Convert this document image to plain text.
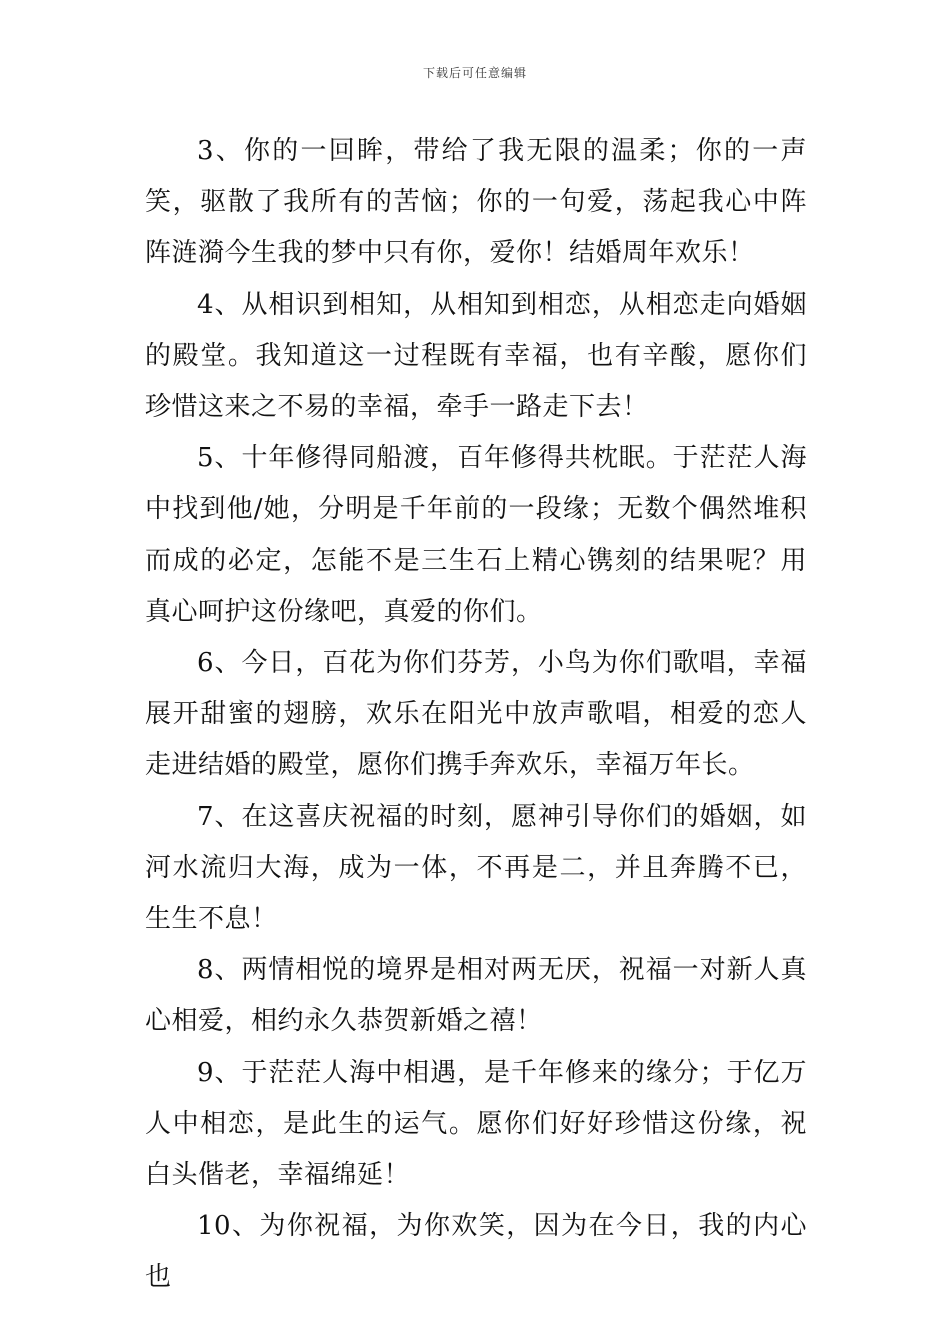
下载后可任意编辑

3、你的一回眸，带给了我无限的温柔；你的一声笑，驱散了我所有的苦恼；你的一句爱，荡起我心中阵阵涟漪今生我的梦中只有你，爱你！结婚周年欢乐！

4、从相识到相知，从相知到相恋，从相恋走向婚姻的殿堂。我知道这一过程既有幸福，也有辛酸，愿你们珍惜这来之不易的幸福，牵手一路走下去！

5、十年修得同船渡，百年修得共枕眠。于茫茫人海中找到他/她，分明是千年前的一段缘；无数个偶然堆积而成的必定，怎能不是三生石上精心镌刻的结果呢？用真心呵护这份缘吧，真爱的你们。

6、今日，百花为你们芬芳，小鸟为你们歌唱，幸福展开甜蜜的翅膀，欢乐在阳光中放声歌唱，相爱的恋人走进结婚的殿堂，愿你们携手奔欢乐，幸福万年长。

7、在这喜庆祝福的时刻，愿神引导你们的婚姻，如河水流归大海，成为一体，不再是二，并且奔腾不已，生生不息！

8、两情相悦的境界是相对两无厌，祝福一对新人真心相爱，相约永久恭贺新婚之禧！

9、于茫茫人海中相遇，是千年修来的缘分；于亿万人中相恋，是此生的运气。愿你们好好珍惜这份缘，祝白头偕老，幸福绵延！

10、为你祝福，为你欢笑，因为在今日，我的内心也
